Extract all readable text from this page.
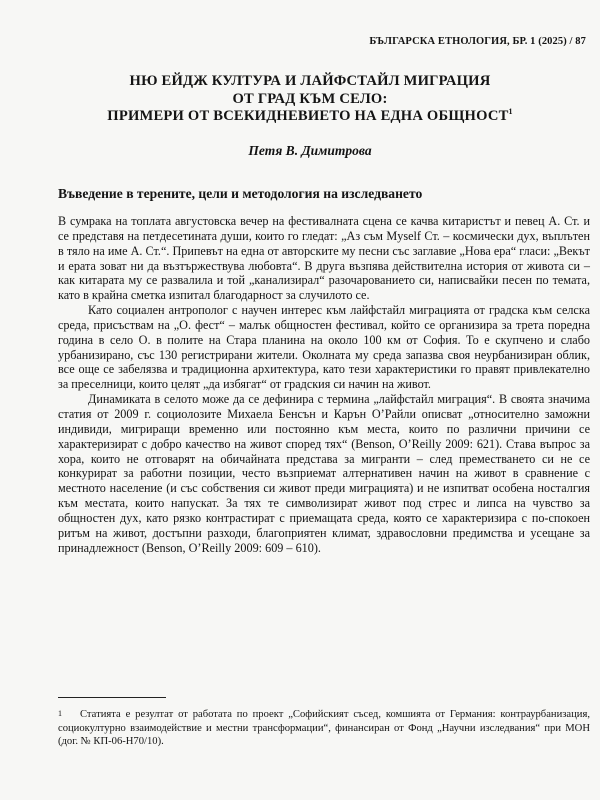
БЪЛГАРСКА ЕТНОЛОГИЯ, БР. 1 (2025) / 87
НЮ ЕЙДЖ КУЛТУРА И ЛАЙФСТАЙЛ МИГРАЦИЯ
ОТ ГРАД КЪМ СЕЛО:
ПРИМЕРИ ОТ ВСЕКИДНЕВИЕТО НА ЕДНА ОБЩНОСТ$^1$
Петя В. Димитрова
Въведение в терените, цели и методология на изследването

В сумрака на топлата августовска вечер на фестивалната сцена се качва китаристът и певец А. Ст. и се представя на петдесетината души, които го гледат: „Аз съм Myself Ст. – космически дух, въплътен в тяло на име А. Ст.“. Припевът на една от авторските му песни със заглавие „Нова ера“ гласи: „Векът и ерата зоват ни да възтържествува любовта“. В друга възпява действителна история от живота си – как китарата му се развалила и той „канализирал“ разочарованието си, написвайки песен по темата, като в крайна сметка изпитал благодарност за случилото се.

Като социален антрополог с научен интерес към лайфстайл миграцията от градска към селска среда, присъствам на „О. фест“ – малък общностен фестивал, който се организира за трета поредна година в село О. в полите на Стара планина на около 100 км от София. То е скупчено и слабо урбанизирано, със 130 регистрирани жители. Околната му среда запазва своя неурбанизиран облик, все още се забелязва и традиционна архитектура, като тези характеристики го правят привлекателно за преселници, които целят „да избягат“ от градския си начин на живот.

Динамиката в селото може да се дефинира с термина „лайфстайл миграция“. В своята значима статия от 2009 г. социолозите Михаела Бенсън и Карън О’Райли описват „относително заможни индивиди, мигриращи временно или постоянно към места, които по различни причини се характеризират с добро качество на живот според тях“ (Benson, O’Reilly 2009: 621). Става въпрос за хора, които не отговарят на обичайната представа за мигранти – след преместването си не се конкурират за работни позиции, често възприемат алтернативен начин на живот в сравнение с местното население (и със собствения си живот преди миграцията) и не изпитват особена носталгия към местата, които напускат. За тях те символизират живот под стрес и липса на чувство за общностен дух, като рязко контрастират с приемащата среда, която се характеризира с по-спокоен ритъм на живот, достъпни разходи, благоприятен климат, здравословни предимства и усещане за принадлежност (Benson, O’Reilly 2009: 609 – 610).

1 Статията е резултат от работата по проект „Софийският съсед, комшията от Германия: контраурбанизация, социокултурно взаимодействие и местни трансформации“, финансиран от Фонд „Научни изследвания“ при МОН (дог. № КП-06-Н70/10).
